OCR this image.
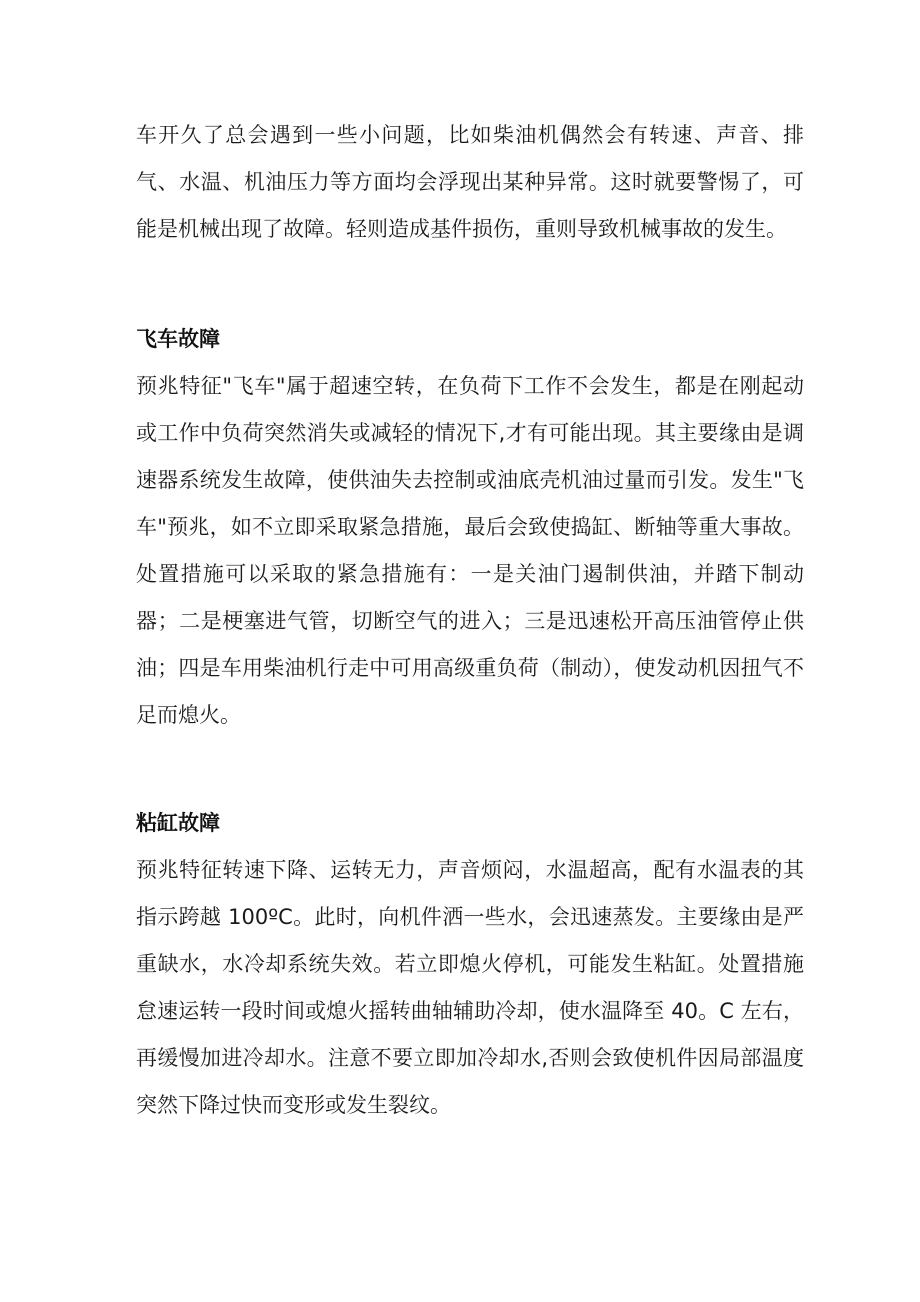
车开久了总会遇到一些小问题，比如柴油机偶然会有转速、声音、排气、水温、机油压力等方面均会浮现出某种异常。这时就要警惕了，可能是机械出现了故障。轻则造成基件损伤，重则导致机械事故的发生。

飞车故障

预兆特征"飞车"属于超速空转，在负荷下工作不会发生，都是在刚起动或工作中负荷突然消失或减轻的情况下,才有可能出现。其主要缘由是调速器系统发生故障，使供油失去控制或油底壳机油过量而引发。发生"飞车"预兆，如不立即采取紧急措施，最后会致使捣缸、断轴等重大事故。处置措施可以采取的紧急措施有：一是关油门遏制供油，并踏下制动器；二是梗塞进气管，切断空气的进入；三是迅速松开高压油管停止供油；四是车用柴油机行走中可用高级重负荷（制动），使发动机因扭气不足而熄火。

粘缸故障

预兆特征转速下降、运转无力，声音烦闷，水温超高，配有水温表的其指示跨越 100ºC。此时，向机件洒一些水，会迅速蒸发。主要缘由是严重缺水，水冷却系统失效。若立即熄火停机，可能发生粘缸。处置措施怠速运转一段时间或熄火摇转曲轴辅助冷却，使水温降至 40。C 左右，再缓慢加进冷却水。注意不要立即加冷却水,否则会致使机件因局部温度突然下降过快而变形或发生裂纹。
